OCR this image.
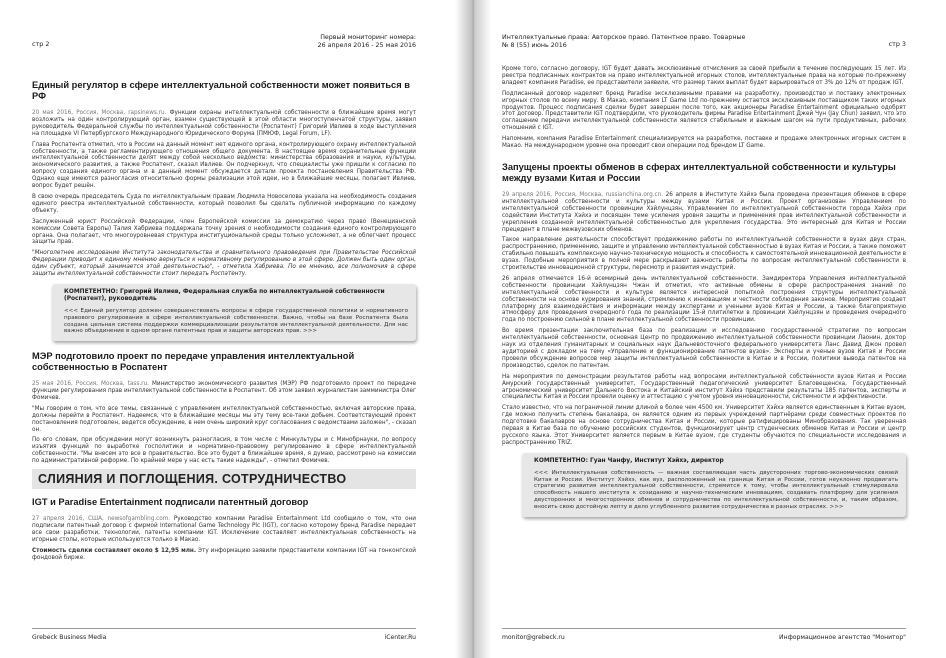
стр 2
Первый мониторинг номера:
26 апреля 2016 - 25 мая 2016
Единый регулятор в сфере интеллектуальной собственности может появиться в РФ
20 мая 2016, Россия, Москва, rapsinews.ru. Функции охраны интеллектуальной собственности в ближайшие время могут возложить на один контролирующий орган, взамен существующей в этой области многоступенчатой структуры, заявил руководитель Федеральной службы по интеллектуальной собственности (Роспатент) Григорий Ивлиев в ходе выступления на площадке VI Петербургского Международного Юридического Форума (ПМЮФ, Legal Forum, LF).
Глава Роспатента отметил, что в России на данный момент нет единого органа, контролирующего охрану интеллектуальной собственности, а также регламентирующего отношения общего документа. В настоящее время охранительные функции интеллектуальной собственности делят между собой несколько ведомств: министерства образования и науки, культуры, экономического развития, а также Роспатент, сказал Ивлиев. Он подчеркнул, что специалисты уже пришли к согласию по вопросу создания единого органа и в данный момент обсуждается детали проекта постановления Правительства РФ. Однако еще имеются разногласия относительно формы реализации этой идеи, но в ближайшие месяцы, полагает Ивлиев, вопрос будет решён.
В свою очередь председатель Суда по интеллектуальным правам Людмила Новоселова указала на необходимость создания единого реестра интеллектуальной собственности, который позволил бы сделать публичной информацию по каждому объекту.
Заслуженный юрист Российской Федерации, член Европейской комиссии за демократию через право (Венецианской комиссии Совета Европы) Талия Хабриева поддержала точку зрения о необходимости создания единого контролирующего органа. Она полагает, что многоуровневая структура институциональной среды только усложняет, а не облегчает процесс защиты прав.
"Многолетнее исследование Института законодательства и сравнительного правоведения при Правительстве Российской Федерации приводит к единому мнению вернуться к нормативному регулированию в этой сфере. Должен быть один орган, один субъект, который занимается этой деятельностью", - отметила Хабриева. По ее мнению, все полномочия в сфере защиты интеллектуальной собственности стоит передать Роспатенту.
КОМПЕТЕНТНО: Григорий Ивлиев, Федеральная служба по интеллектуальной собственности (Роспатент), руководитель
<<< Единый регулятор должен совершенствовать вопросы в сфере государственной политики и нормативного правового регулирования в сфере интеллектуальной собственности. Важно, чтобы на базе Роспатента была создана цельная система поддержки коммерциализации результатов интеллектуальной деятельности. Для нас важно объединение в одном органе патентных прав и защиты авторских прав. >>>
МЭР подготовило проект по передаче управления интеллектуальной собственностью в Роспатент
25 мая 2016, Россия, Москва, tass.ru. Министерство экономического развития (МЭР) РФ подготовило проект по передаче функции регулирования прав интеллектуальной собственности в Роспатент. Об этом заявил журналистам замминистра Олег Фомичев.
"Мы говорим о том, что все темы, связанные с управлением интеллектуальной собственностью, включая авторские права, должны перейти в Роспатент. Надеемся, что в ближайшие месяцы мы эту тему все-таки добьем. Соответствующий проект постановления подготовлен, ведется обсуждение, в нем очень широкий круг согласования с ведомствами заложен", - сказал он.
По его словам, при обсуждении могут возникнуть разногласия, в том числе с Минкультуры и с Минобрнауки, по вопросу изъятия функций по выработке госполитики и нормативно-правовому регулированию в сфере интеллектуальной собственности. "Мы внесем это все в правительство. Все это будет в ближайшее время, я думаю, рассмотрено на комиссии по административной реформе. По крайней мере у нас есть такие надежды", - отметил Фомичев.
СЛИЯНИЯ И ПОГЛОЩЕНИЯ. СОТРУДНИЧЕСТВО
IGT и Paradise Entertainment подписали патентный договор
27 апреля 2016, США, newsofgambling.com. Руководство компании Paradise Entertainment Ltd сообщило о том, что они подписали патентный договор с фирмой International Game Technology Plc (IGT), согласно которому бренд Paradise передает все свои разработки, технологии, патенты компании IGT. Исключение составляет интеллектуальная собственность на игорные столы, которые используются только в Макао.
Стоимость сделки составляет около $ 12,95 млн. Эту информацию заявили представители компании IGT на гонконгской фондовой бирже.
Grebeck Business Media	iCenter.Ru
Интеллектуальные права: Авторское право. Патентное право. Товарные
№ 8 (55) июнь 2016	стр 3
Кроме того, согласно договору, IGT будет давать эксклюзивные отчисления за своей прибыли в течение последующих 15 лет. Из реестра подписанных контрактов на право интеллектуальной игорных столов, интеллектуальные права на которые по-прежнему владеет компания Paradise, ее представители заявили, что размер таких выплат будет варьироваться от 3% до 12% от продаж IGT.
Подписанный договор наделяет бренд Paradise эксклюзивными правами на разработку, производство и поставку электронных игорных столов по всему миру. В Макао, компания LT Game Ltd по-прежнему остается эксклюзивным поставщиком таких игорных продуктов. Процесс подписания сделки будет завершен после того, как акционеры Paradise Entertainment официально одобрят этот договор. Представители IGT подтвердили, что руководитель фирмы Paradise Entertainment Джей Чун (Jay Chun) заявил, что это соглашение передачи интеллектуальной собственности является стабильным и важным шагом на пути продуктивных, рабочих отношений с IGT.
Напомним, компания Paradise Entertainment специализируется на разработке, поставке и продаже электронных игорных систем в Макао. На международном уровне она проводит свои операции под брендом LT Game.
Запущены проекты обменов в сферах интеллектуальной собственности и культуры между вузами Китая и России
29 апреля 2016, Россия, Москва, russianchina.org.cn. 26 апреля в Институте Хэйхэ была проведена презентация обменов в сфере интеллектуальной собственности и культуры между вузами Китая и России. Проект организован Управлением по интеллектуальной собственности провинции Хэйлунцзян, Управлением по интеллектуальной собственности города Хэйхэ при содействии Института Хэйхэ и посвящен теме усиления уровня защиты и применения прав интеллектуальной собственности и укрепления созданной интеллектуальной собственностью для укрепления государства. Это интересный для Китая и России прецедент в плане межвузовских обменов.
Такое направление деятельности способствует продвижению работы по интеллектуальной собственности в вузах двух стран, распространению, применению, защите и управлению интеллектуальной собственностью в вузах Китая и России, а также поможет стабильно повышать комплексную научно-техническую мощность и способность к самостоятельной инновационной деятельности в вузах. Подобные мероприятия в полной мере раскрывают важность работы по вопросам интеллектуальной собственности в строительстве инновационной структуры, пересмотр и развития индустрий.
26 апреля отмечается 16-й всемирный день интеллектуальной собственности. Замдиректора Управления интеллектуальной собственности провинции Хэйлунцзян Чжан И отметил, что активные обмены в сфере распространения знаний по интеллектуальной собственности и культуре является интересной попыткой построения структуры интеллектуальной собственности на основе курирования знаний, стремлению к инновациям и честности соблюдения законов. Мероприятие создает платформу для взаимодействия и информации между экспертами и учеными вузов Китая и России, а также благоприятную атмосферу для проведения очередного года по реализации 15-й плитилетки в провинции Хэйлунцзян и проведения очередного года по построению сильной в плане интеллектуальной собственности провинции.
Во время презентации заключительная база по реализации и исследованию государственной стратегии по вопросам интеллектуальной собственности, основная Центр по продвижению интеллектуальной собственности провинции Лаонин, доктор наук из отделения гуманитарных и социальных наук Дальневосточного федерального университета Ланс Давид Джон провел аудиторией с докладом на тему «Управление и функционирование патентов вузов». Эксперты и ученые вузов Китая и России провели обсуждение вопросов мер защиты интеллектуальной собственности в Китае и в России, политики вывода патентов на производство, сделок по патентам.
На мероприятия по демонстрации результатов работы над вопросами интеллектуальной собственности вузов Китая и России Амурский государственный университет, Государственный педагогический университет Благовещенска, Государственный агрономический университет Дальнего Востока и Китайский институт Хэйхэ представили результаты 185 патентов, эксперты и специалисты Китая и России провели оценку и аттестацию с учетом уровня инновационности, системности и эффективности.
Стало известно, что на пограничной линии длиной в более чем 4500 км. Университет Хэйхэ является единственным в Китае вузом, где можно получить степень бакалавра, он является одним из первых учреждений партнёрами среди совместных проектов по подготовке бакалавров на основе сотрудничества Китая и России, которые ратифицированы Минобразования. Так уверенная первая в Китае база по обучению российских студентов, функционирует центр студенческих обменов Китая и России и центр русского языка. Этот Университет является первым в Китае вузом, где студенты обучаются по специальности исследования и распространению TRIZ.
КОМПЕТЕНТНО: Гуан Чанфу, Институт Хэйхэ, директор
<<< Интеллектуальная собственность — важная составляющая часть двусторонних торгово-экономических связей Китая и России. Институт Хэйхэ, как вуз, расположенный на границе Китая и России, готов неуклонно продвигать стратегию развития интеллектуальной собственности, стремится к тому, чтобы интеллектуальный стимулировала способность нашего института к созиданию и научно-техническим инновациям, создавать платформу для усиления двусторонних и многосторонних обменов и сотрудничества по интеллектуальной собственности, и, таким образом, вносить свою достойную лепту в дело углубленного развития сотрудничества в разных отраслях. >>>
monitor@grebeck.ru	Информационное агентство "Монитор"
